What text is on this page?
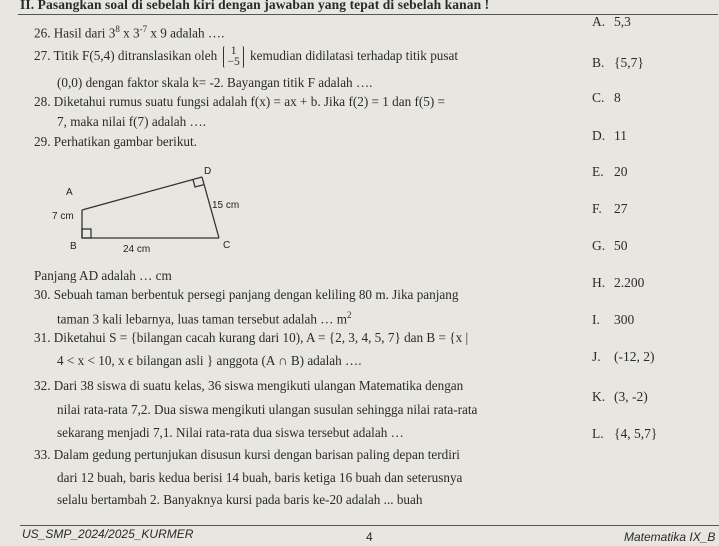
II. Pasangkan soal di sebelah kiri dengan jawaban yang tepat di sebelah kanan !
26. Hasil dari $3^8$ x $3^{-7}$ x 9 adalah ….
27. Titik F(5,4) ditranslasikan oleh 1
−5 kemudian didilatasi terhadap titik pusat
(0,0) dengan faktor skala k= -2. Bayangan titik F adalah ….
28. Diketahui rumus suatu fungsi adalah f(x) = ax + b. Jika f(2) = 1 dan f(5) =
7, maka nilai f(7) adalah ….
29. Perhatikan gambar berikut.
A
B	C
D
7 cm
24 cm
15 cm
Panjang AD adalah … cm
30. Sebuah taman berbentuk persegi panjang dengan keliling 80 m. Jika panjang
taman 3 kali lebarnya, luas taman tersebut adalah … $m^2$
31. Diketahui S = {bilangan cacah kurang dari 10), A = {2, 3, 4, 5, 7} dan B = {x |
4 < x < 10, x ϵ bilangan asli } anggota (A ∩ B) adalah ….
32. Dari 38 siswa di suatu kelas, 36 siswa mengikuti ulangan Matematika dengan
nilai rata-rata 7,2. Dua siswa mengikuti ulangan susulan sehingga nilai rata-rata
sekarang menjadi 7,1. Nilai rata-rata dua siswa tersebut adalah …
33. Dalam gedung pertunjukan disusun kursi dengan barisan paling depan terdiri
dari 12 buah, baris kedua berisi 14 buah, baris ketiga 16 buah dan seterusnya
selalu bertambah 2. Banyaknya kursi pada baris ke-20 adalah ... buah
A. 5,3
B. {5,7}
C. 8
D. 11
E. 20
F. 27
G. 50
H. 2.200
I. 300
J. (-12, 2)
K. (3, -2)
L. {4, 5,7}
US_SMP_2024/2025_KURMER	4	Matematika IX_B
